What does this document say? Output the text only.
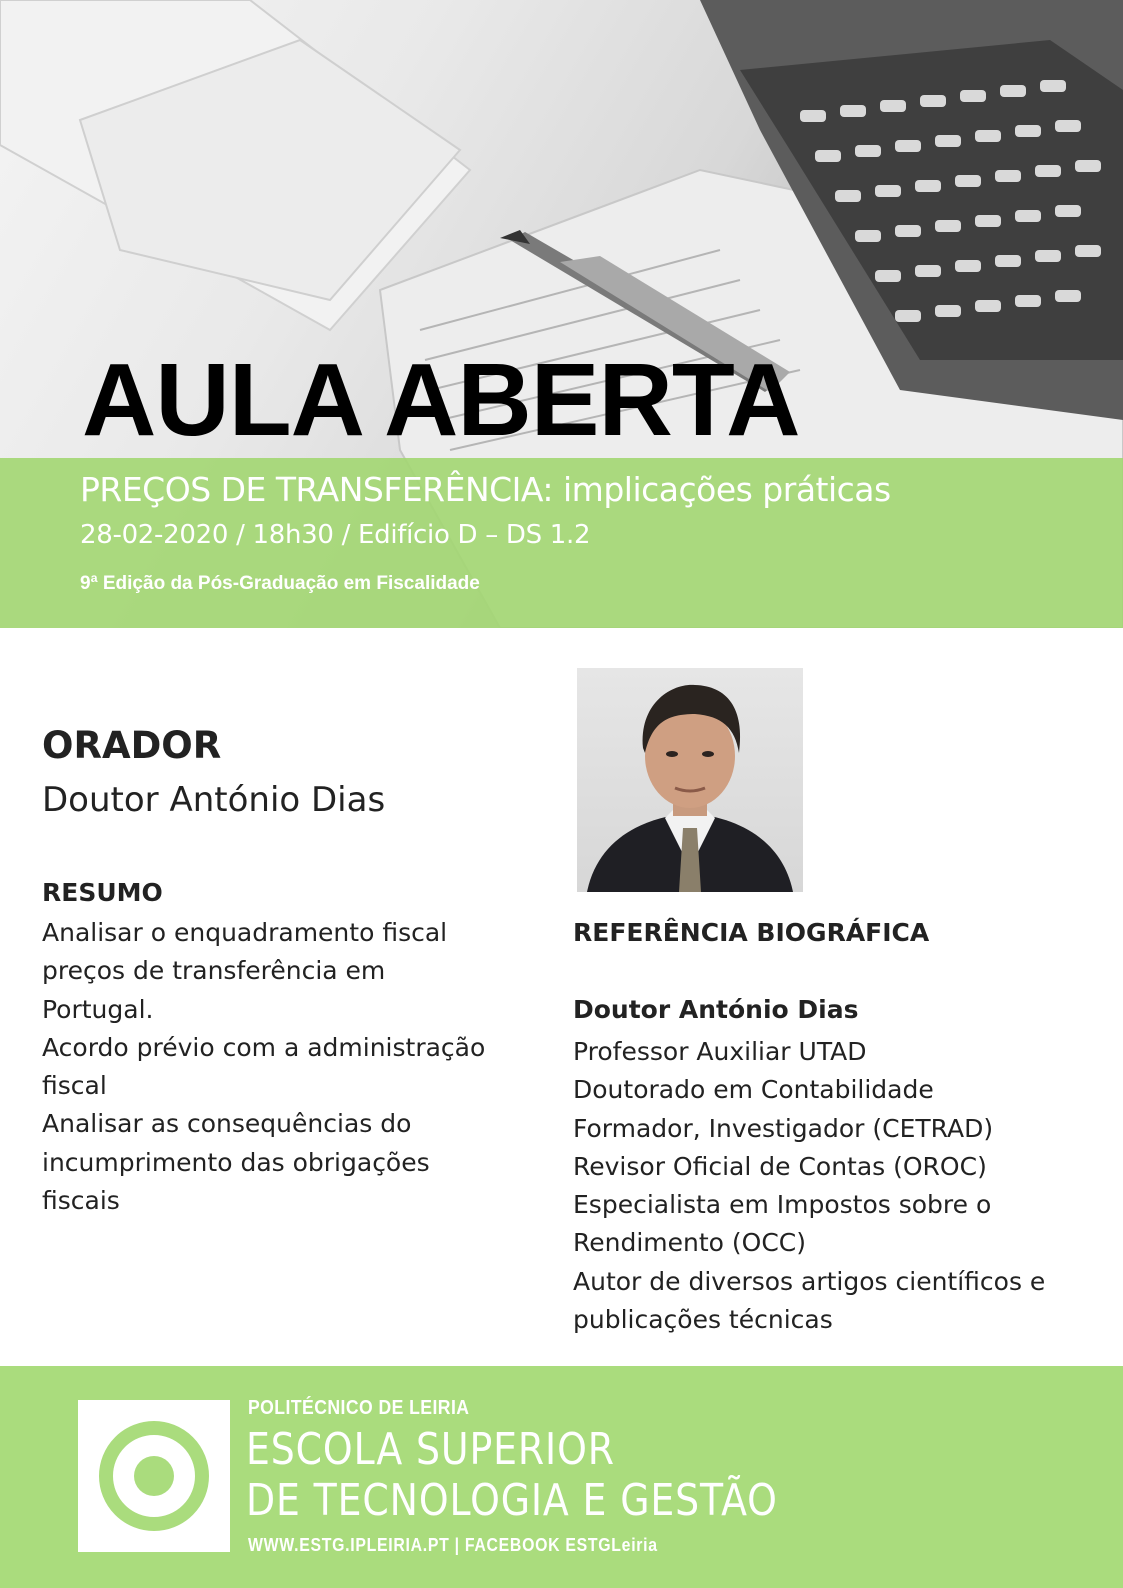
AULA ABERTA
PREÇOS DE TRANSFERÊNCIA: implicações práticas
28-02-2020 / 18h30 / Edifício D – DS 1.2
9ª Edição da Pós-Graduação em Fiscalidade
ORADOR
Doutor António Dias
RESUMO
Analisar o enquadramento fiscal
preços de transferência em
Portugal.
Acordo prévio com a administração
fiscal
Analisar as consequências do
incumprimento das obrigações
fiscais
REFERÊNCIA BIOGRÁFICA
Doutor António Dias
Professor Auxiliar UTAD
Doutorado em Contabilidade
Formador, Investigador (CETRAD)
Revisor Oficial de Contas (OROC)
Especialista em Impostos sobre o
Rendimento (OCC)
Autor de diversos artigos científicos e
publicações técnicas
POLITÉCNICO DE LEIRIA
ESCOLA SUPERIOR
DE TECNOLOGIA E GESTÃO
WWW.ESTG.IPLEIRIA.PT | FACEBOOK ESTGLeiria
